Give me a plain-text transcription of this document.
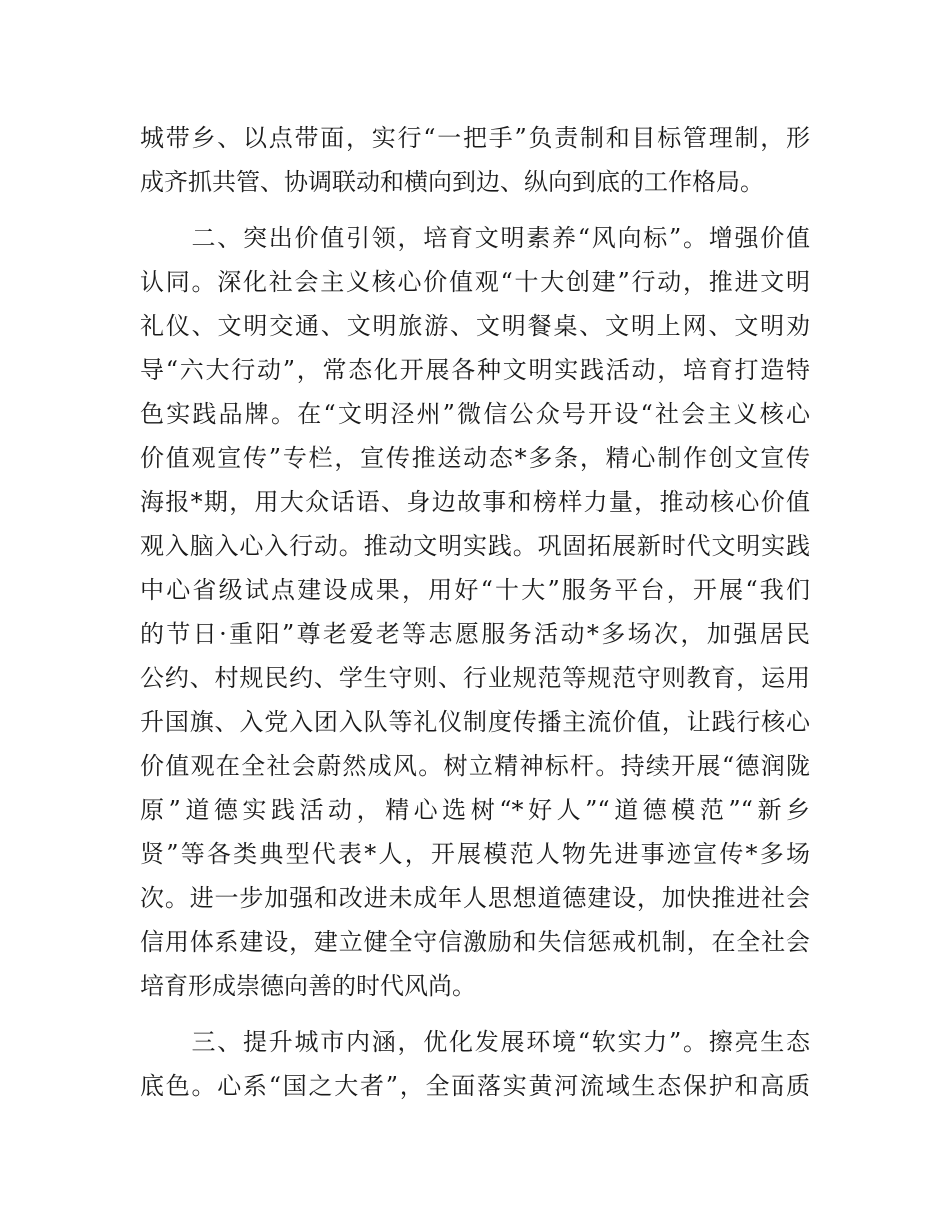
城带乡、以点带面，实行“一把手”负责制和目标管理制，形
成齐抓共管、协调联动和横向到边、纵向到底的工作格局。

　　二、突出价值引领，培育文明素养“风向标”。增强价值
认同。深化社会主义核心价值观“十大创建”行动，推进文明
礼仪、文明交通、文明旅游、文明餐桌、文明上网、文明劝
导“六大行动”，常态化开展各种文明实践活动，培育打造特
色实践品牌。在“文明泾州”微信公众号开设“社会主义核心
价值观宣传”专栏，宣传推送动态*多条，精心制作创文宣传
海报*期，用大众话语、身边故事和榜样力量，推动核心价值
观入脑入心入行动。推动文明实践。巩固拓展新时代文明实践
中心省级试点建设成果，用好“十大”服务平台，开展“我们
的节日·重阳”尊老爱老等志愿服务活动*多场次，加强居民
公约、村规民约、学生守则、行业规范等规范守则教育，运用
升国旗、入党入团入队等礼仪制度传播主流价值，让践行核心
价值观在全社会蔚然成风。树立精神标杆。持续开展“德润陇
原”道德实践活动，精心选树“*好人”“道德模范”“新乡
贤”等各类典型代表*人，开展模范人物先进事迹宣传*多场
次。进一步加强和改进未成年人思想道德建设，加快推进社会
信用体系建设，建立健全守信激励和失信惩戒机制，在全社会
培育形成崇德向善的时代风尚。

　　三、提升城市内涵，优化发展环境“软实力”。擦亮生态
底色。心系“国之大者”，全面落实黄河流域生态保护和高质
